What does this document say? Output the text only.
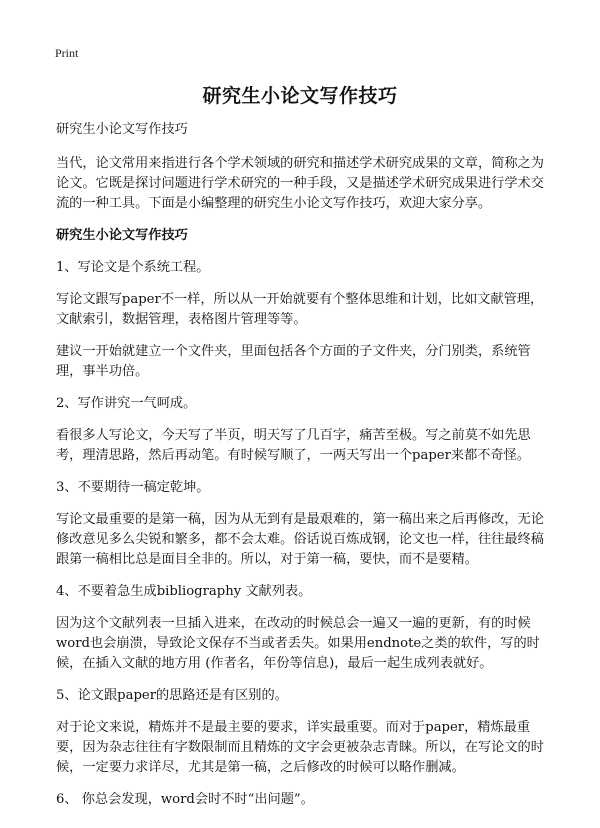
Print
研究生小论文写作技巧

研究生小论文写作技巧

当代，论文常用来指进行各个学术领域的研究和描述学术研究成果的文章，简称之为论文。它既是探讨问题进行学术研究的一种手段，又是描述学术研究成果进行学术交流的一种工具。下面是小编整理的研究生小论文写作技巧，欢迎大家分享。

研究生小论文写作技巧

1、写论文是个系统工程。

写论文跟写paper不一样，所以从一开始就要有个整体思维和计划，比如文献管理，文献索引，数据管理，表格图片管理等等。

建议一开始就建立一个文件夹，里面包括各个方面的子文件夹，分门别类，系统管理，事半功倍。

2、写作讲究一气呵成。

看很多人写论文，今天写了半页，明天写了几百字，痛苦至极。写之前莫不如先思考，理清思路，然后再动笔。有时候写顺了，一两天写出一个paper来都不奇怪。

3、不要期待一稿定乾坤。

写论文最重要的是第一稿，因为从无到有是最艰难的，第一稿出来之后再修改，无论修改意见多么尖锐和繁多，都不会太难。俗话说百炼成钢，论文也一样，往往最终稿跟第一稿相比总是面目全非的。所以，对于第一稿，要快，而不是要精。

4、不要着急生成bibliography 文献列表。

因为这个文献列表一旦插入进来，在改动的时候总会一遍又一遍的更新，有的时候word也会崩溃，导致论文保存不当或者丢失。如果用endnote之类的软件，写的时候，在插入文献的地方用 (作者名，年份等信息)，最后一起生成列表就好。

5、论文跟paper的思路还是有区别的。

对于论文来说，精炼并不是最主要的要求，详实最重要。而对于paper，精炼最重要，因为杂志往往有字数限制而且精炼的文字会更被杂志青睐。所以，在写论文的时候，一定要力求详尽，尤其是第一稿，之后修改的时候可以略作删减。

6、 你总会发现，word会时不时“出问题”。
